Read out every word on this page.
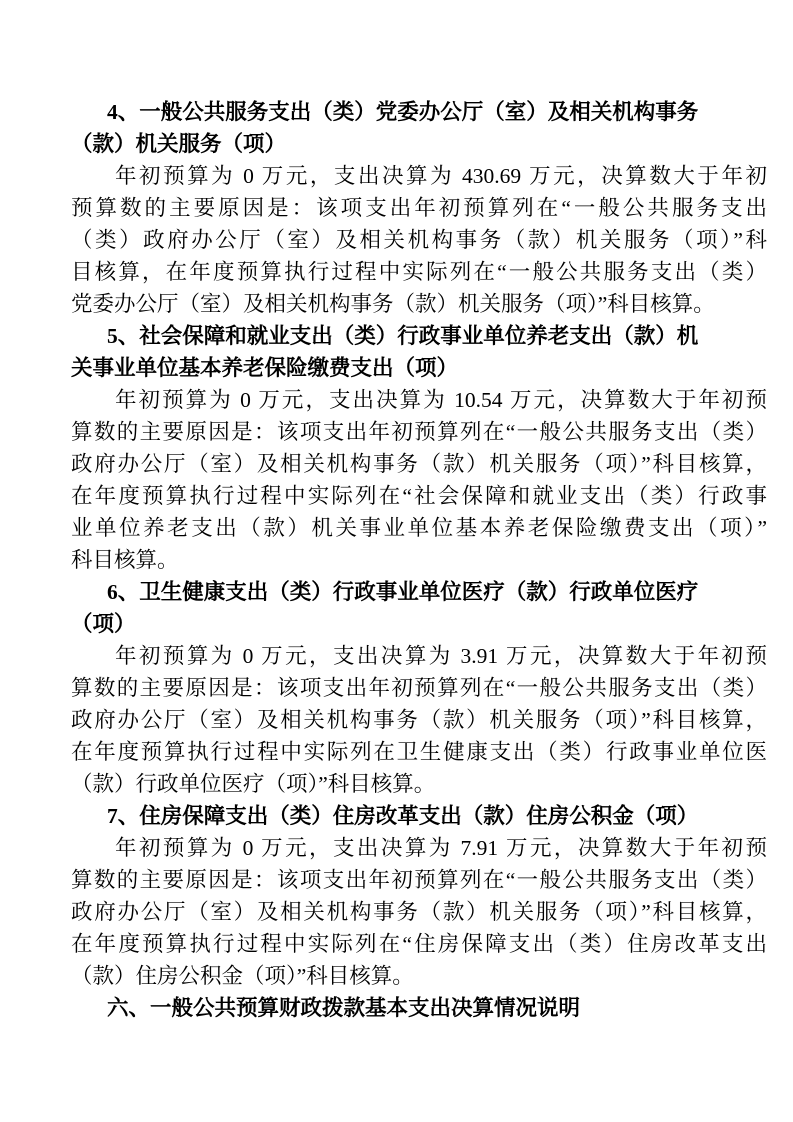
4、一般公共服务支出（类）党委办公厅（室）及相关机构事务
（款）机关服务（项）
年初预算为 0 万元，支出决算为 430.69 万元，决算数大于年初
预算数的主要原因是：该项支出年初预算列在“一般公共服务支出
（类）政府办公厅（室）及相关机构事务（款）机关服务（项）”科
目核算，在年度预算执行过程中实际列在“一般公共服务支出（类）
党委办公厅（室）及相关机构事务（款）机关服务（项）”科目核算。
5、社会保障和就业支出（类）行政事业单位养老支出（款）机
关事业单位基本养老保险缴费支出（项）
年初预算为 0 万元，支出决算为 10.54 万元，决算数大于年初预
算数的主要原因是：该项支出年初预算列在“一般公共服务支出（类）
政府办公厅（室）及相关机构事务（款）机关服务（项）”科目核算，
在年度预算执行过程中实际列在“社会保障和就业支出（类）行政事
业单位养老支出（款）机关事业单位基本养老保险缴费支出（项）”
科目核算。
6、卫生健康支出（类）行政事业单位医疗（款）行政单位医疗
（项）
年初预算为 0 万元，支出决算为 3.91 万元，决算数大于年初预
算数的主要原因是：该项支出年初预算列在“一般公共服务支出（类）
政府办公厅（室）及相关机构事务（款）机关服务（项）”科目核算，
在年度预算执行过程中实际列在卫生健康支出（类）行政事业单位医
（款）行政单位医疗（项）”科目核算。
7、住房保障支出（类）住房改革支出（款）住房公积金（项）
年初预算为 0 万元，支出决算为 7.91 万元，决算数大于年初预
算数的主要原因是：该项支出年初预算列在“一般公共服务支出（类）
政府办公厅（室）及相关机构事务（款）机关服务（项）”科目核算，
在年度预算执行过程中实际列在“住房保障支出（类）住房改革支出
（款）住房公积金（项）”科目核算。
六、一般公共预算财政拨款基本支出决算情况说明
